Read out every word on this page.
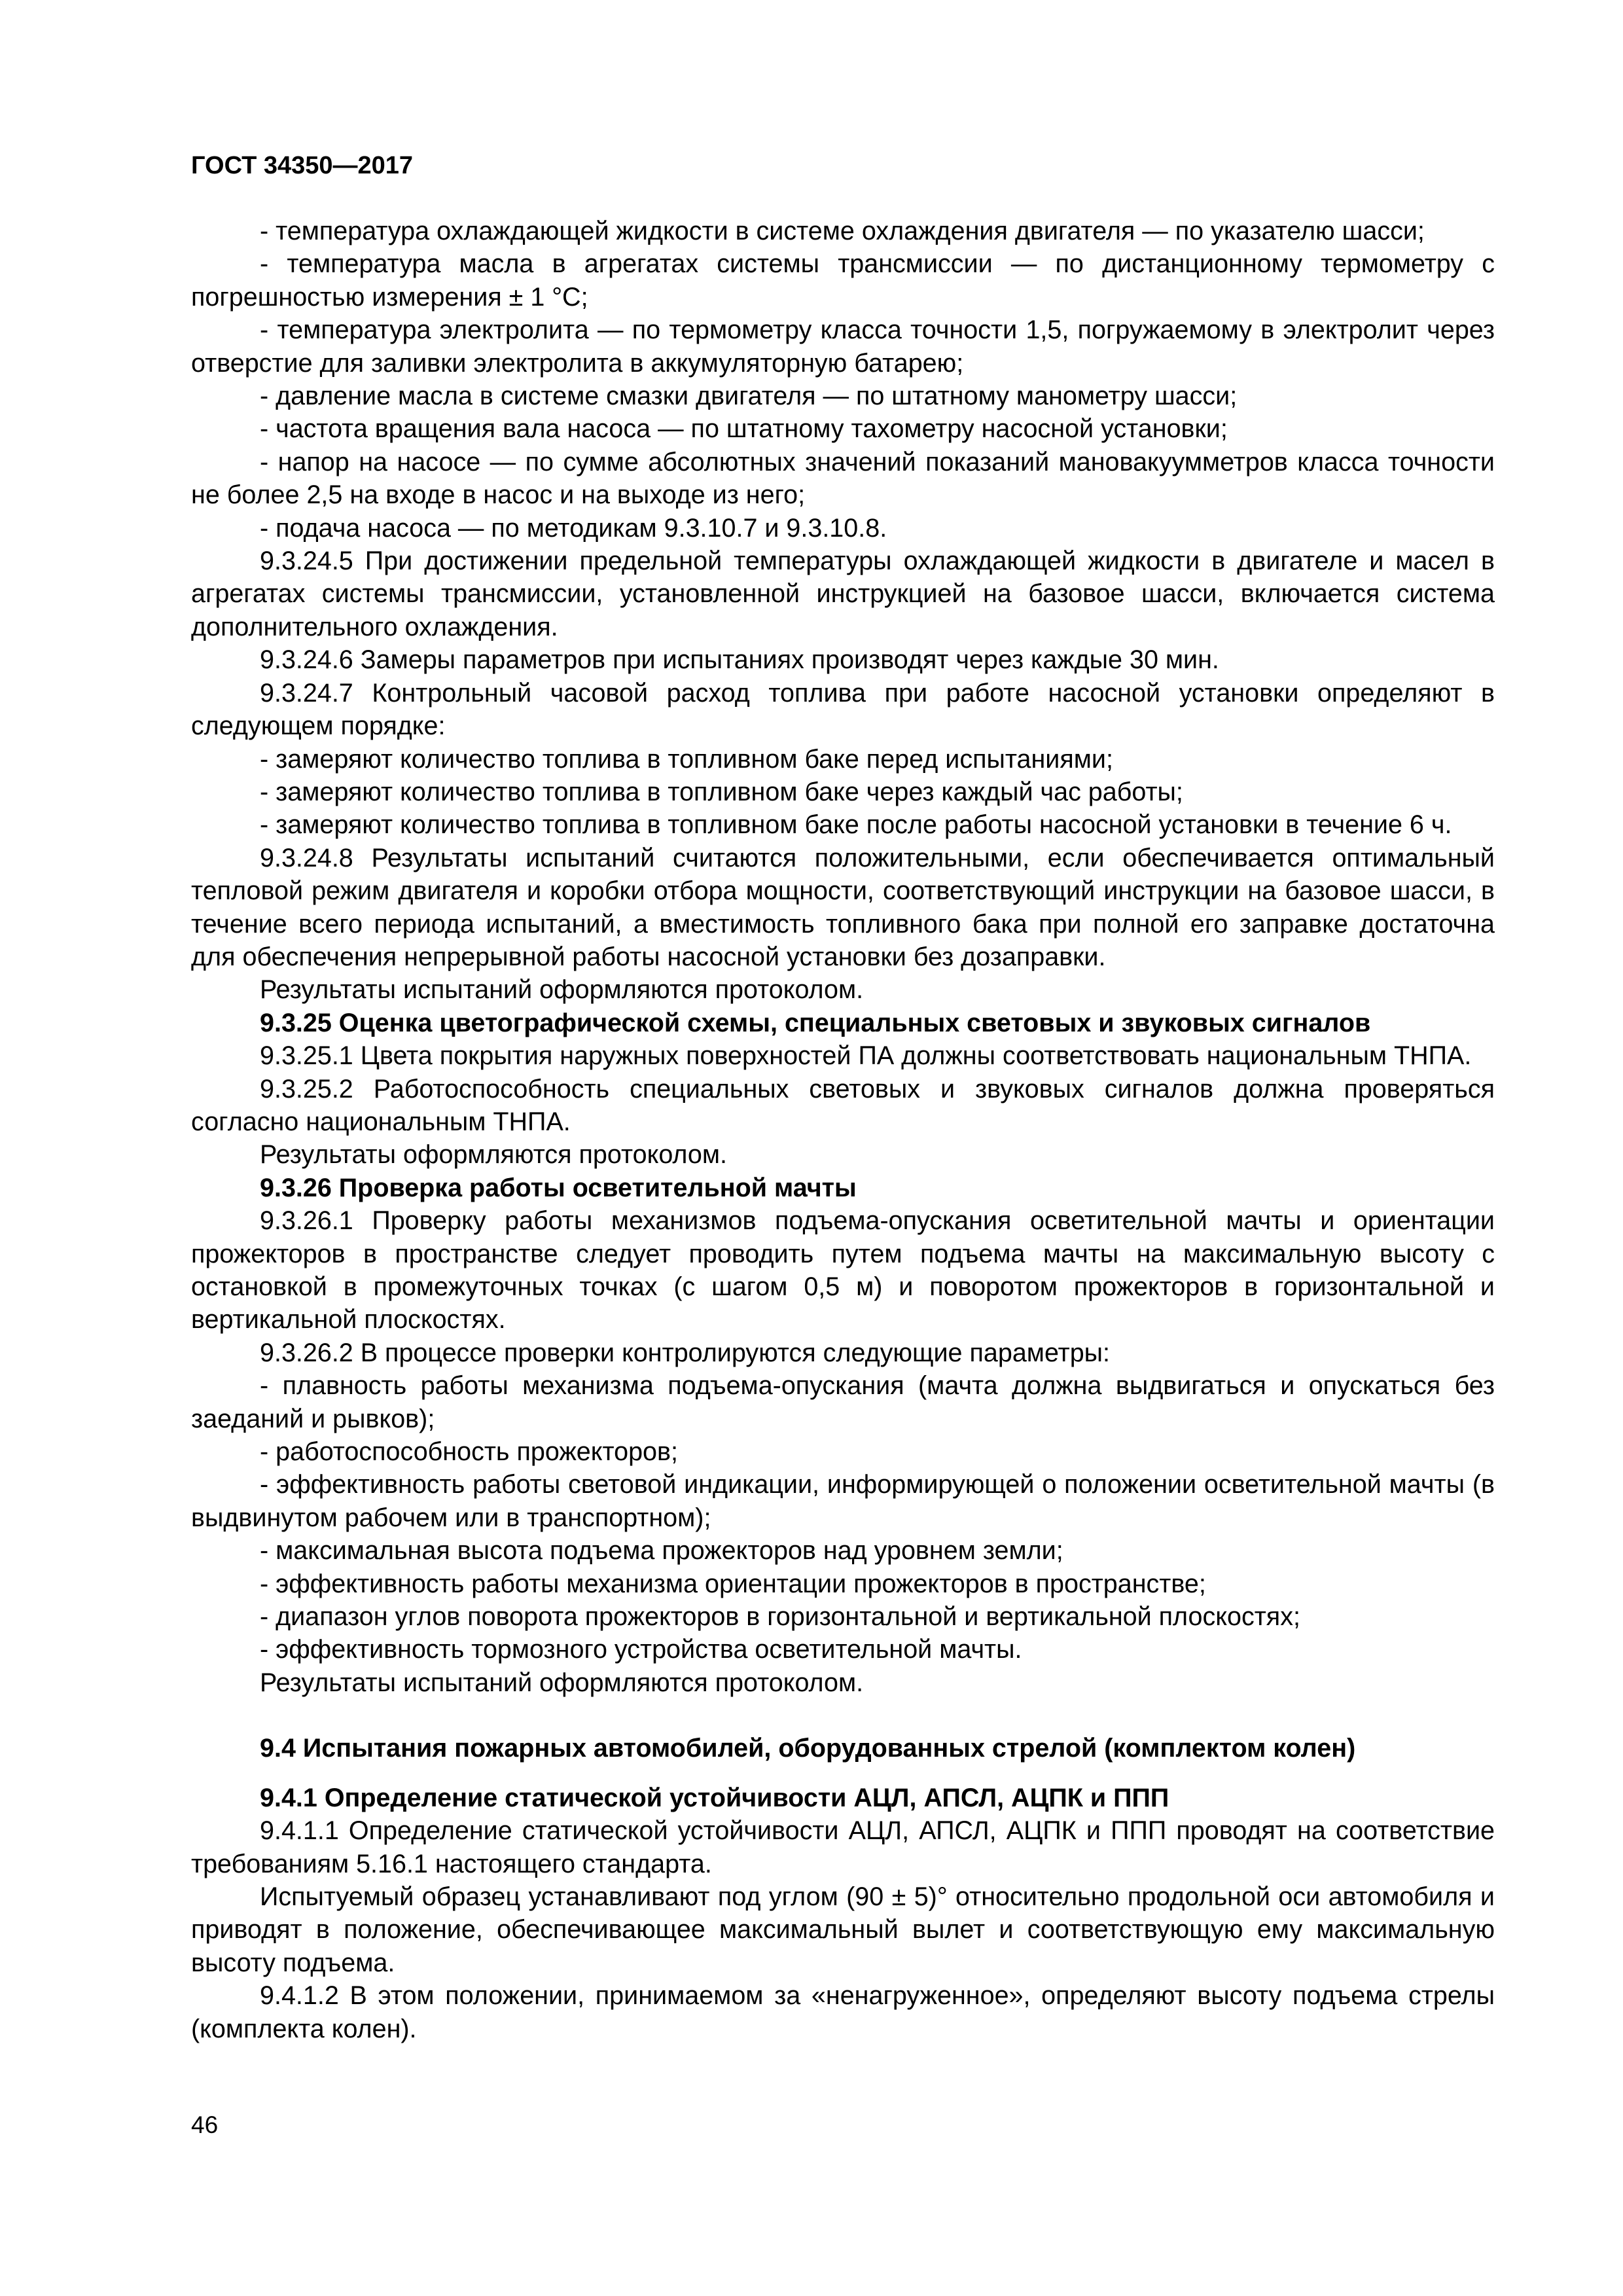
ГОСТ 34350—2017

- температура охлаждающей жидкости в системе охлаждения двигателя — по указателю шасси;

- температура масла в агрегатах системы трансмиссии — по дистанционному термометру с погрешностью измерения ± 1 °С;

- температура электролита — по термометру класса точности 1,5, погружаемому в электролит через отверстие для заливки электролита в аккумуляторную батарею;

- давление масла в системе смазки двигателя — по штатному манометру шасси;

- частота вращения вала насоса — по штатному тахометру насосной установки;

- напор на насосе — по сумме абсолютных значений показаний мановакуумметров класса точности не более 2,5 на входе в насос и на выходе из него;

- подача насоса — по методикам 9.3.10.7 и 9.3.10.8.

9.3.24.5 При достижении предельной температуры охлаждающей жидкости в двигателе и масел в агрегатах системы трансмиссии, установленной инструкцией на базовое шасси, включается система дополнительного охлаждения.

9.3.24.6 Замеры параметров при испытаниях производят через каждые 30 мин.

9.3.24.7 Контрольный часовой расход топлива при работе насосной установки определяют в следующем порядке:

- замеряют количество топлива в топливном баке перед испытаниями;

- замеряют количество топлива в топливном баке через каждый час работы;

- замеряют количество топлива в топливном баке после работы насосной установки в течение 6 ч.

9.3.24.8 Результаты испытаний считаются положительными, если обеспечивается оптимальный тепловой режим двигателя и коробки отбора мощности, соответствующий инструкции на базовое шасси, в течение всего периода испытаний, а вместимость топливного бака при полной его заправке достаточна для обеспечения непрерывной работы насосной установки без дозаправки.

Результаты испытаний оформляются протоколом.

9.3.25 Оценка цветографической схемы, специальных световых и звуковых сигналов

9.3.25.1 Цвета покрытия наружных поверхностей ПА должны соответствовать национальным ТНПА.

9.3.25.2 Работоспособность специальных световых и звуковых сигналов должна проверяться согласно национальным ТНПА.

Результаты оформляются протоколом.

9.3.26 Проверка работы осветительной мачты

9.3.26.1 Проверку работы механизмов подъема-опускания осветительной мачты и ориентации прожекторов в пространстве следует проводить путем подъема мачты на максимальную высоту с остановкой в промежуточных точках (с шагом 0,5 м) и поворотом прожекторов в горизонтальной и вертикальной плоскостях.

9.3.26.2 В процессе проверки контролируются следующие параметры:

- плавность работы механизма подъема-опускания (мачта должна выдвигаться и опускаться без заеданий и рывков);

- работоспособность прожекторов;

- эффективность работы световой индикации, информирующей о положении осветительной мачты (в выдвинутом рабочем или в транспортном);

- максимальная высота подъема прожекторов над уровнем земли;

- эффективность работы механизма ориентации прожекторов в пространстве;

- диапазон углов поворота прожекторов в горизонтальной и вертикальной плоскостях;

- эффективность тормозного устройства осветительной мачты.

Результаты испытаний оформляются протоколом.

9.4 Испытания пожарных автомобилей, оборудованных стрелой (комплектом колен)

9.4.1 Определение статической устойчивости АЦЛ, АПСЛ, АЦПК и ППП

9.4.1.1 Определение статической устойчивости АЦЛ, АПСЛ, АЦПК и ППП проводят на соответствие требованиям 5.16.1 настоящего стандарта.

Испытуемый образец устанавливают под углом (90 ± 5)° относительно продольной оси автомобиля и приводят в положение, обеспечивающее максимальный вылет и соответствующую ему максимальную высоту подъема.

9.4.1.2 В этом положении, принимаемом за «ненагруженное», определяют высоту подъема стрелы (комплекта колен).

46
